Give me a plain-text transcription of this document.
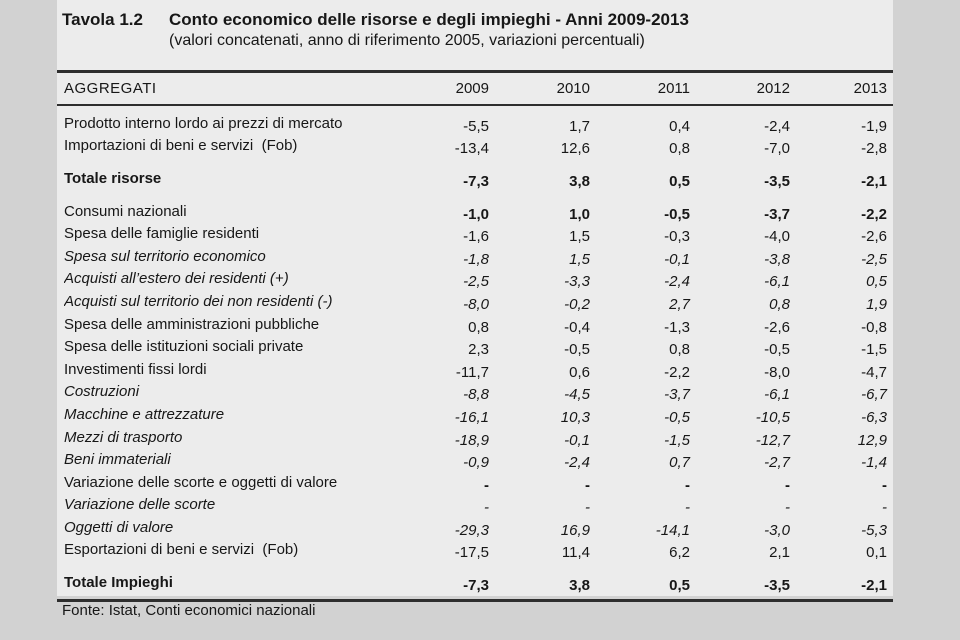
Tavola 1.2	Conto economico delle risorse e degli impieghi - Anni 2009-2013
(valori concatenati, anno di riferimento 2005, variazioni percentuali)
AGGREGATI	2009	2010	2011	2012	2013
Prodotto interno lordo ai prezzi di mercato	-5,5	1,7	0,4	-2,4	-1,9
Importazioni di beni e servizi  (Fob)	-13,4	12,6	0,8	-7,0	-2,8
Totale risorse	-7,3	3,8	0,5	-3,5	-2,1
Consumi nazionali	-1,0	1,0	-0,5	-3,7	-2,2
Spesa delle famiglie residenti	-1,6	1,5	-0,3	-4,0	-2,6
Spesa sul territorio economico	-1,8	1,5	-0,1	-3,8	-2,5
Acquisti all’estero dei residenti (+)	-2,5	-3,3	-2,4	-6,1	0,5
Acquisti sul territorio dei non residenti (-)	-8,0	-0,2	2,7	0,8	1,9
Spesa delle amministrazioni pubbliche	0,8	-0,4	-1,3	-2,6	-0,8
Spesa delle istituzioni sociali private	2,3	-0,5	0,8	-0,5	-1,5
Investimenti fissi lordi	-11,7	0,6	-2,2	-8,0	-4,7
Costruzioni	-8,8	-4,5	-3,7	-6,1	-6,7
Macchine e attrezzature	-16,1	10,3	-0,5	-10,5	-6,3
Mezzi di trasporto	-18,9	-0,1	-1,5	-12,7	12,9
Beni immateriali	-0,9	-2,4	0,7	-2,7	-1,4
Variazione delle scorte e oggetti di valore	-	-	-	-	-
Variazione delle scorte	-	-	-	-	-
Oggetti di valore	-29,3	16,9	-14,1	-3,0	-5,3
Esportazioni di beni e servizi  (Fob)	-17,5	11,4	6,2	2,1	0,1
Totale Impieghi	-7,3	3,8	0,5	-3,5	-2,1
Fonte: Istat, Conti economici nazionali
